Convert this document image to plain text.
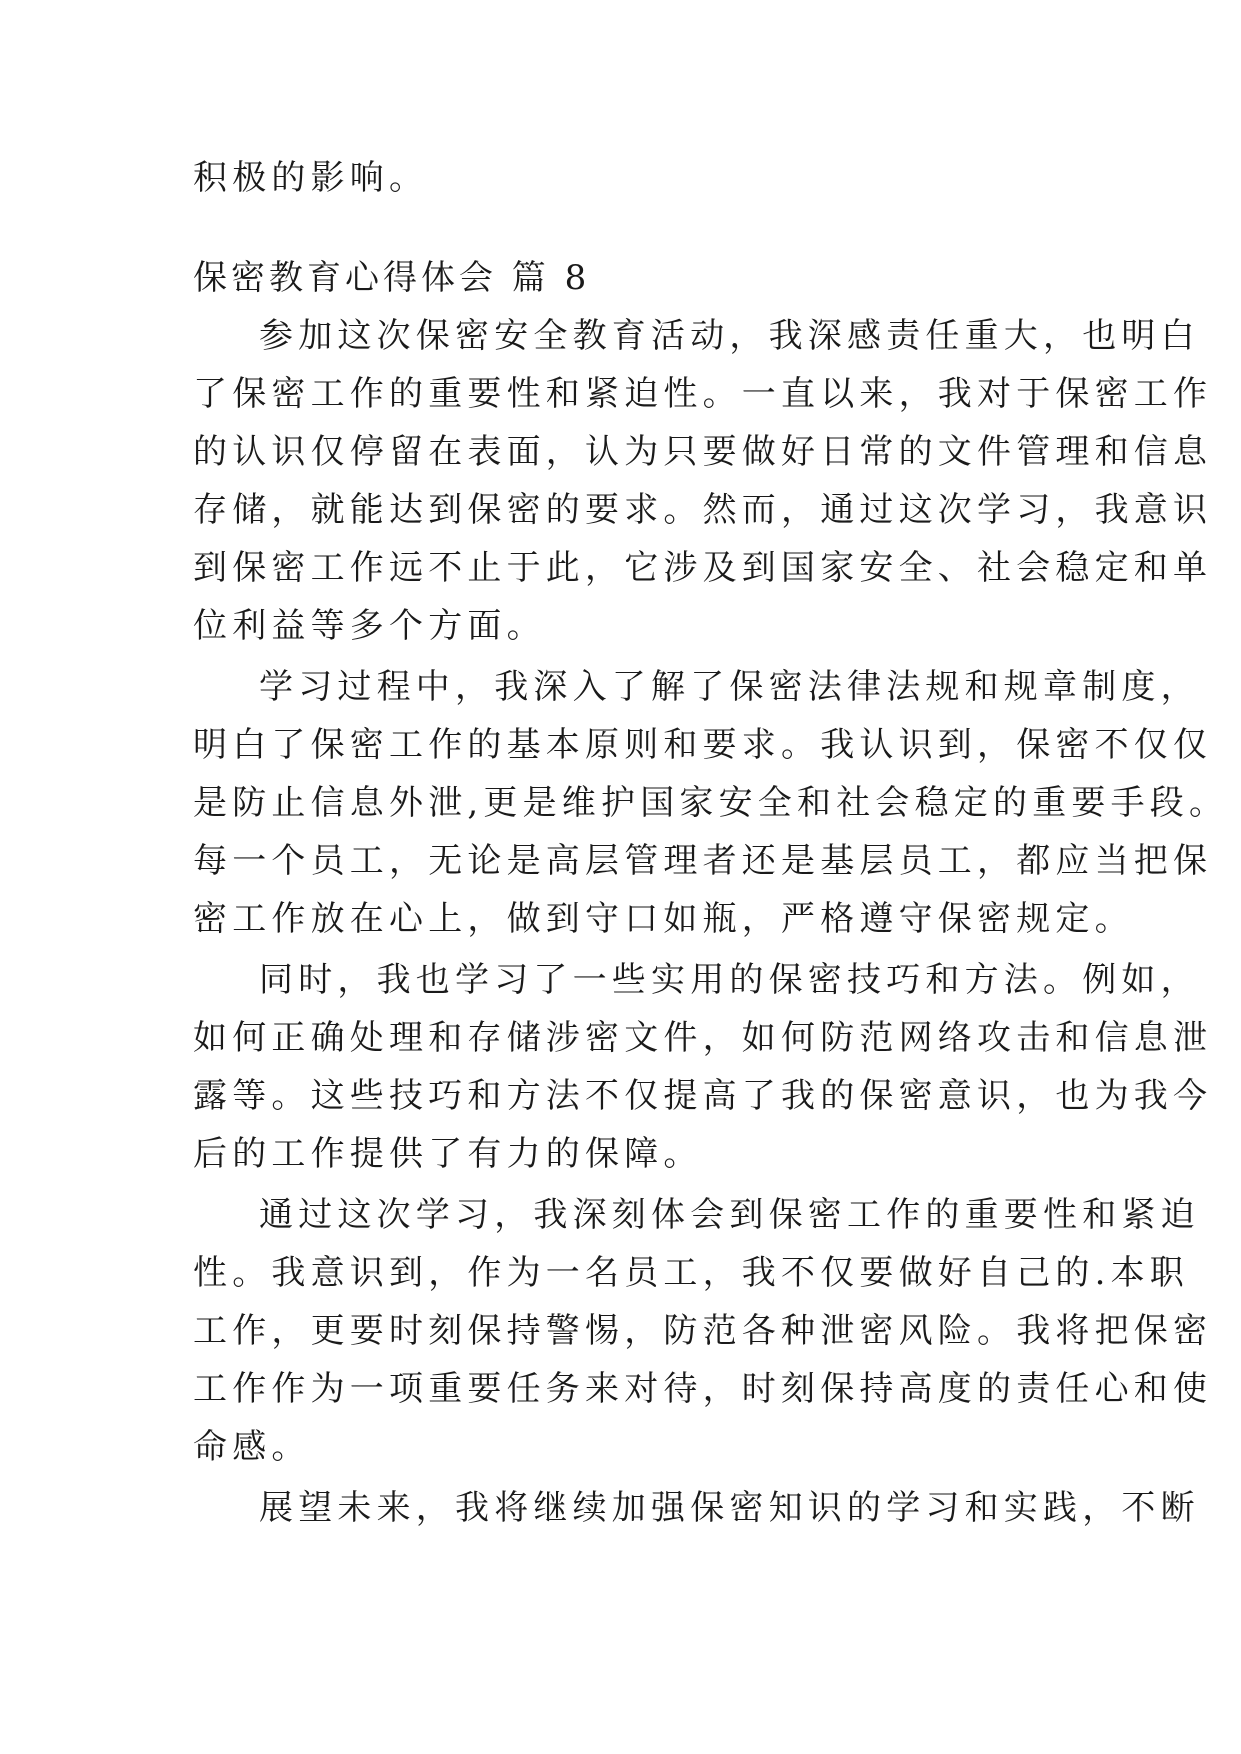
积极的影响。
保密教育心得体会 篇 8
参加这次保密安全教育活动，我深感责任重大，也明白
了保密工作的重要性和紧迫性。一直以来，我对于保密工作
的认识仅停留在表面，认为只要做好日常的文件管理和信息
存储，就能达到保密的要求。然而，通过这次学习，我意识
到保密工作远不止于此，它涉及到国家安全、社会稳定和单
位利益等多个方面。
学习过程中，我深入了解了保密法律法规和规章制度，
明白了保密工作的基本原则和要求。我认识到，保密不仅仅
是防止信息外泄,更是维护国家安全和社会稳定的重要手段。
每一个员工，无论是高层管理者还是基层员工，都应当把保
密工作放在心上，做到守口如瓶，严格遵守保密规定。
同时，我也学习了一些实用的保密技巧和方法。例如，
如何正确处理和存储涉密文件，如何防范网络攻击和信息泄
露等。这些技巧和方法不仅提高了我的保密意识，也为我今
后的工作提供了有力的保障。
通过这次学习，我深刻体会到保密工作的重要性和紧迫
性。我意识到，作为一名员工，我不仅要做好自己的.本职
工作，更要时刻保持警惕，防范各种泄密风险。我将把保密
工作作为一项重要任务来对待，时刻保持高度的责任心和使
命感。
展望未来，我将继续加强保密知识的学习和实践，不断
